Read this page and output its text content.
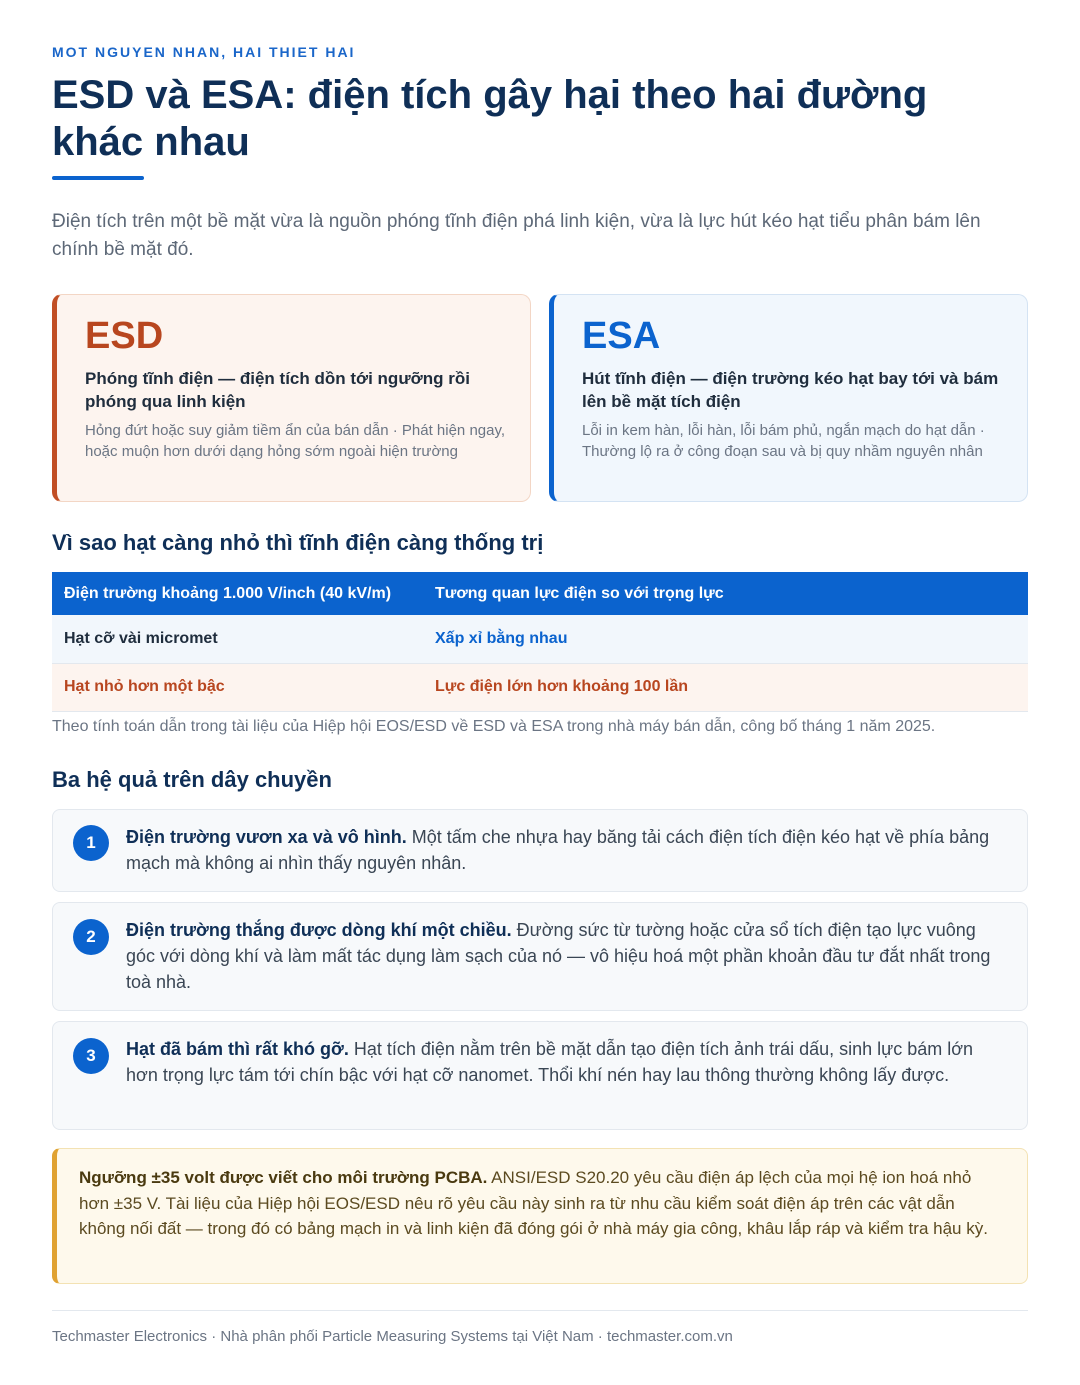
MOT NGUYEN NHAN, HAI THIET HAI
ESD và ESA: điện tích gây hại theo hai đường khác nhau

Điện tích trên một bề mặt vừa là nguồn phóng tĩnh điện phá linh kiện, vừa là lực hút kéo hạt tiểu phân bám lên chính bề mặt đó.

ESD
Phóng tĩnh điện — điện tích dồn tới ngưỡng rồi phóng qua linh kiện
Hỏng đứt hoặc suy giảm tiềm ẩn của bán dẫn · Phát hiện ngay, hoặc muộn hơn dưới dạng hỏng sớm ngoài hiện trường
ESA
Hút tĩnh điện — điện trường kéo hạt bay tới và bám lên bề mặt tích điện
Lỗi in kem hàn, lỗi hàn, lỗi bám phủ, ngắn mạch do hạt dẫn · Thường lộ ra ở công đoạn sau và bị quy nhầm nguyên nhân
Vì sao hạt càng nhỏ thì tĩnh điện càng thống trị
Điện trường khoảng 1.000 V/inch (40 kV/m)	Tương quan lực điện so với trọng lực
Hạt cỡ vài micromet	Xấp xỉ bằng nhau
Hạt nhỏ hơn một bậc	Lực điện lớn hơn khoảng 100 lần

Theo tính toán dẫn trong tài liệu của Hiệp hội EOS/ESD về ESD và ESA trong nhà máy bán dẫn, công bố tháng 1 năm 2025.

Ba hệ quả trên dây chuyền
1	Điện trường vươn xa và vô hình. Một tấm che nhựa hay băng tải cách điện tích điện kéo hạt về phía bảng mạch mà không ai nhìn thấy nguyên nhân.
2	Điện trường thắng được dòng khí một chiều. Đường sức từ tường hoặc cửa sổ tích điện tạo lực vuông góc với dòng khí và làm mất tác dụng làm sạch của nó — vô hiệu hoá một phần khoản đầu tư đắt nhất trong toà nhà.
3	Hạt đã bám thì rất khó gỡ. Hạt tích điện nằm trên bề mặt dẫn tạo điện tích ảnh trái dấu, sinh lực bám lớn hơn trọng lực tám tới chín bậc với hạt cỡ nanomet. Thổi khí nén hay lau thông thường không lấy được.
Ngưỡng ±35 volt được viết cho môi trường PCBA. ANSI/ESD S20.20 yêu cầu điện áp lệch của mọi hệ ion hoá nhỏ hơn ±35 V. Tài liệu của Hiệp hội EOS/ESD nêu rõ yêu cầu này sinh ra từ nhu cầu kiểm soát điện áp trên các vật dẫn không nối đất — trong đó có bảng mạch in và linh kiện đã đóng gói ở nhà máy gia công, khâu lắp ráp và kiểm tra hậu kỳ.
Techmaster Electronics · Nhà phân phối Particle Measuring Systems tại Việt Nam · techmaster.com.vn
